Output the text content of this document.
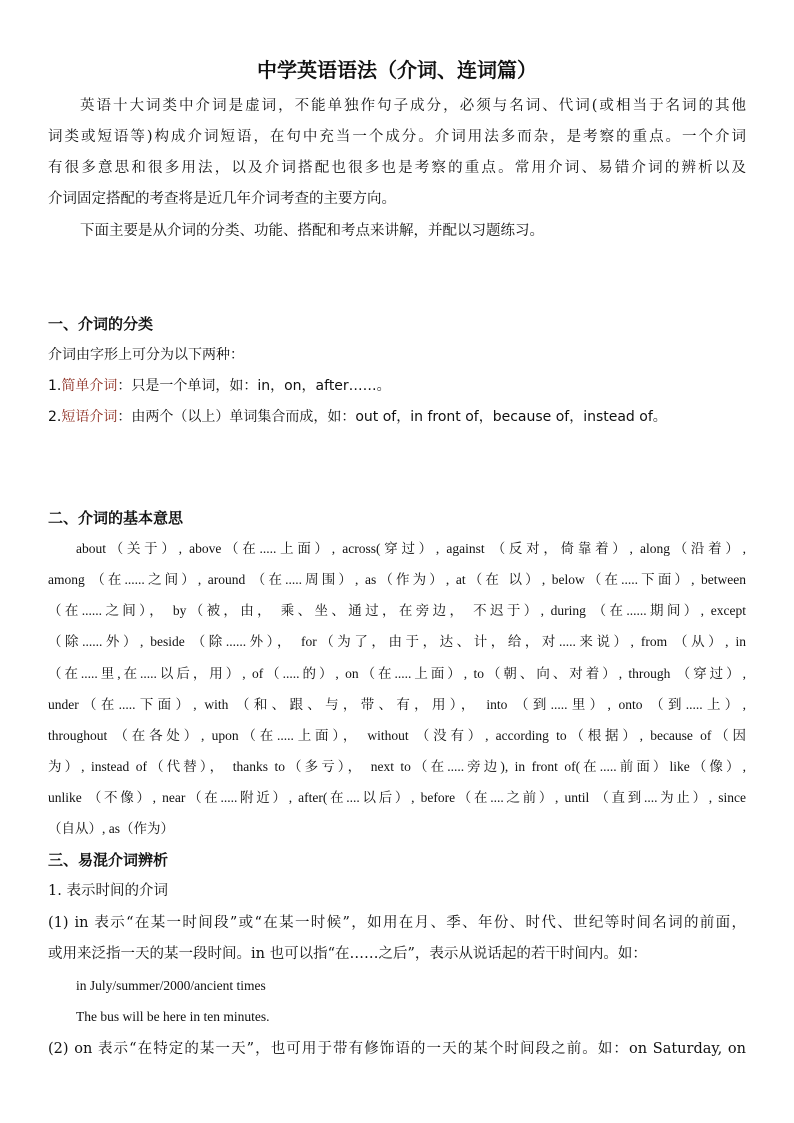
中学英语语法（介词、连词篇）
英语十大词类中介词是虚词，不能单独作句子成分，必须与名词、代词(或相当于名词的其他
词类或短语等)构成介词短语，在句中充当一个成分。介词用法多而杂，是考察的重点。一个介词
有很多意思和很多用法，以及介词搭配也很多也是考察的重点。常用介词、易错介词的辨析以及
介词固定搭配的考查将是近几年介词考查的主要方向。
下面主要是从介词的分类、功能、搭配和考点来讲解，并配以习题练习。
一、介词的分类
介词由字形上可分为以下两种：
1.简单介词：只是一个单词，如：in，on，after……。
2.短语介词：由两个（以上）单词集合而成，如：out of，in front of，because of，instead of。
二、介词的基本意思
about（关于）, above（在.....上面）, across(穿过）, against （反对，倚靠着）, along（沿着）,
among （在......之间）, around （在.....周围）, as（作为）, at（在 以）, below（在.....下面）, between
（在......之间）， by（被，由， 乘、坐、通过，在旁边， 不迟于）, during （在......期间）, except
（除......外）, beside （除......外）， for（为了，由于，达、计，给，对.....来说）, from （从）, in
（在.....里,在.....以后，用）, of（.....的）, on（在.....上面）, to（朝、向、对着）, through （穿过）,
under（在.....下面）, with （和、跟、与，带、有，用）， into （到.....里）, onto （到.....上）,
throughout （在各处）, upon（在.....上面）， without （没有）, according to（根据）, because of（因
为）, instead of（代替）， thanks to（多亏）， next to（在.....旁边), in front of(在.....前面）like（像）,
unlike （不像）, near（在.....附近）, after(在....以后）, before（在....之前）, until （直到....为止）, since
（自从）, as（作为）
三、易混介词辨析
1. 表示时间的介词
(1) in 表示“在某一时间段”或“在某一时候”，如用在月、季、年份、时代、世纪等时间名词的前面，
或用来泛指一天的某一段时间。in 也可以指“在……之后”，表示从说话起的若干时间内。如：
in July/summer/2000/ancient times
The bus will be here in ten minutes.
(2) on 表示“在特定的某一天”，也可用于带有修饰语的一天的某个时间段之前。如：on Saturday, on
